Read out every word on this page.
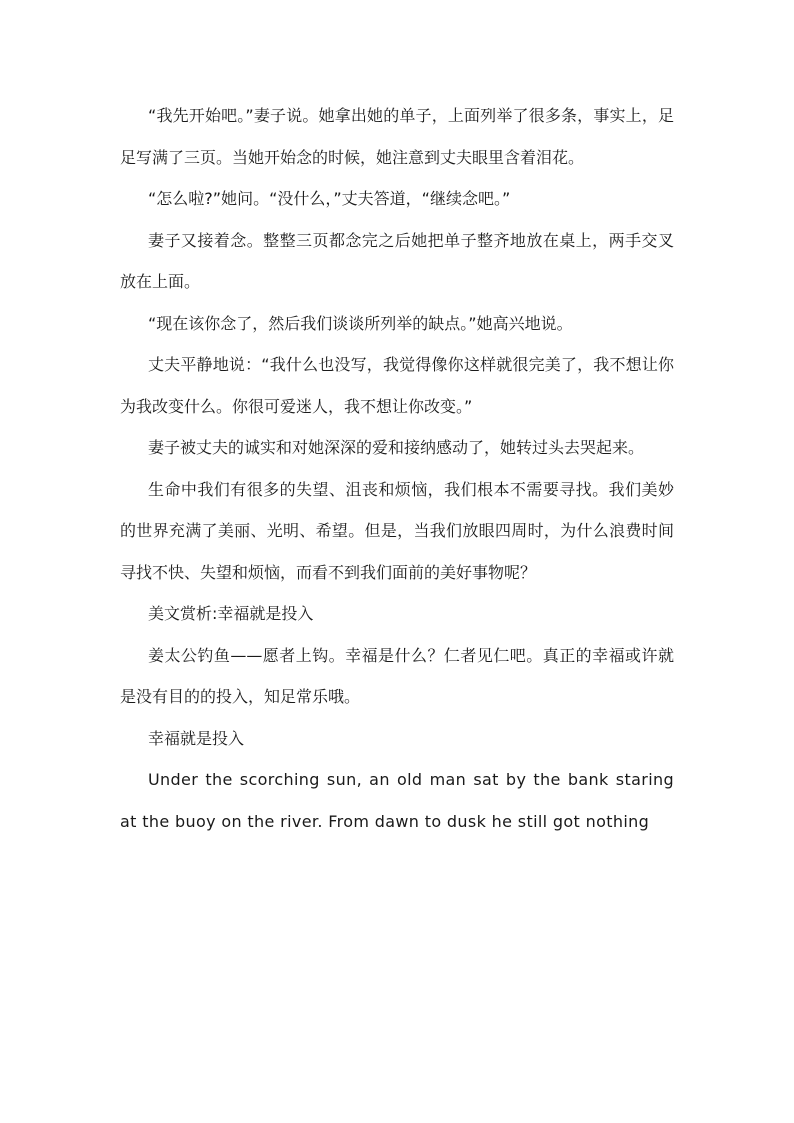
“我先开始吧。”妻子说。她拿出她的单子，上面列举了很多条，事实上，足足写满了三页。当她开始念的时候，她注意到丈夫眼里含着泪花。

“怎么啦?”她问。“没什么，”丈夫答道，“继续念吧。”

妻子又接着念。整整三页都念完之后她把单子整齐地放在桌上，两手交叉放在上面。

“现在该你念了，然后我们谈谈所列举的缺点。”她高兴地说。

丈夫平静地说：“我什么也没写，我觉得像你这样就很完美了，我不想让你为我改变什么。你很可爱迷人，我不想让你改变。”

妻子被丈夫的诚实和对她深深的爱和接纳感动了，她转过头去哭起来。

生命中我们有很多的失望、沮丧和烦恼，我们根本不需要寻找。我们美妙的世界充满了美丽、光明、希望。但是，当我们放眼四周时，为什么浪费时间寻找不快、失望和烦恼，而看不到我们面前的美好事物呢？

美文赏析:幸福就是投入

姜太公钓鱼——愿者上钩。幸福是什么？仁者见仁吧。真正的幸福或许就是没有目的的投入，知足常乐哦。

幸福就是投入

Under the scorching sun, an old man sat by the bank staring at the buoy on the river. From dawn to dusk he still got nothing
